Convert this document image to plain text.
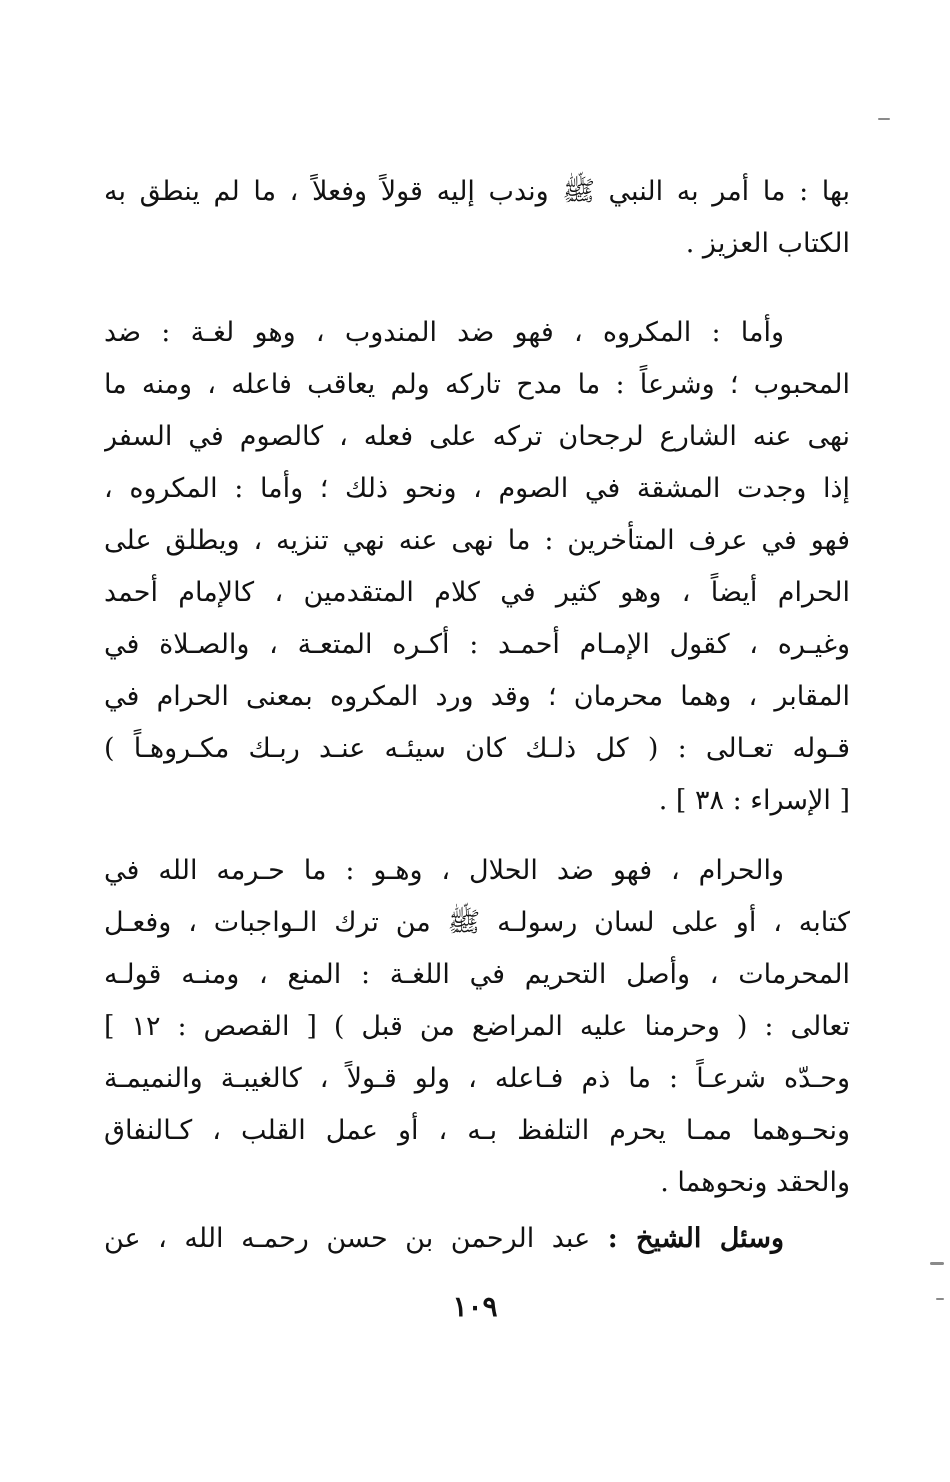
بها : ما أمر به النبي ﷺ وندب إليه قولاً وفعلاً ، ما لم ينطق به
الكتاب العزيز .
وأما : المكروه ، فهو ضد المندوب ، وهو لغـة : ضد
المحبوب ؛ وشرعاً : ما مدح تاركه ولم يعاقب فاعله ، ومنه ما
نهى عنه الشارع لرجحان تركه على فعله ، كالصوم في السفر
إذا وجدت المشقة في الصوم ، ونحو ذلك ؛ وأما : المكروه ،
فهو في عرف المتأخرين : ما نهى عنه نهي تنزيه ، ويطلق على
الحرام أيضاً ، وهو كثير في كلام المتقدمين ، كالإمام أحمد
وغيـره ، كقول الإمـام أحمـد : أكـره المتعـة ، والصـلاة في
المقابر ، وهما محرمان ؛ وقد ورد المكروه بمعنى الحرام في
قـوله تعـالى : ( كل ذلـك كان سيئـه عنـد ربـك مكـروهـاً )
[ الإسراء : ٣٨ ] .
والحرام ، فهو ضد الحلال ، وهـو : ما حـرمه الله في
كتابه ، أو على لسان رسولـه ﷺ من ترك الـواجبات ، وفعـل
المحرمات ، وأصل التحريم في اللغـة : المنع ، ومنـه قولـه
تعالى : ( وحرمنا عليه المراضع من قبل ) [ القصص : ١٢ ]
وحـدّه شرعـاً : ما ذم فـاعله ، ولو قـولاً ، كالغيبـة والنميمـة
ونحـوهما ممـا يحرم التلفظ بـه ، أو عمل القلب ، كـالنفاق
والحقد ونحوهما .
وسئل الشيخ : عبد الرحمن بن حسن رحمـه الله ، عن
١٠٩
